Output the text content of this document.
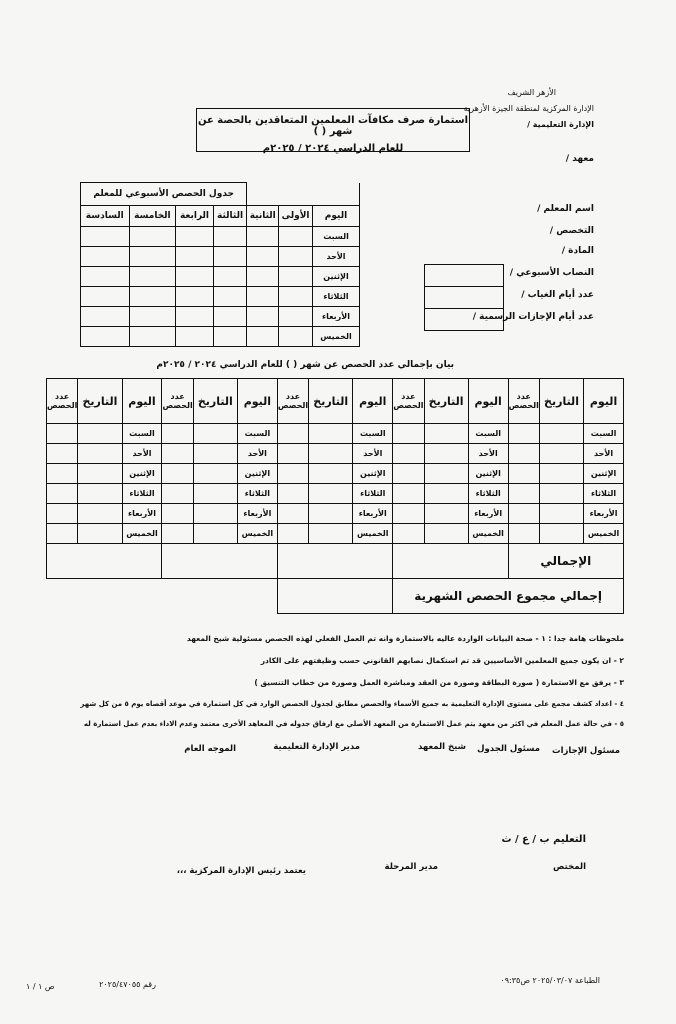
الأزهر الشريف
الإدارة المركزية لمنطقة الجيزة الأزهرية
الإدارة التعليمية /
معهد /
استمارة صرف مكافآت المعلمين المتعاقدين بالحصة عن شهر ( )
للعام الدراسي ٢٠٢٤ / ٢٠٢٥م
			جدول الحصص الأسبوعي للمعلم			
اليوم	الأولى	الثانية	الثالثة	الرابعة	الخامسة	السادسة
السبت						
الأحد						
الإثنين						
الثلاثاء						
الأربعاء						
الخميس						
اسم المعلم /
التخصص /
المادة /
النصاب الأسبوعي /
عدد أيام الغياب /
عدد أيام الإجازات الرسمية /
بيان بإجمالي عدد الحصص عن شهر ( ) للعام الدراسي ٢٠٢٤ / ٢٠٢٥م
اليوم	التاريخ	عدد الحصص	اليوم	التاريخ	عدد الحصص	اليوم	التاريخ	عدد الحصص	اليوم	التاريخ	عدد الحصص	اليوم	التاريخ	عدد الحصص
السبت			السبت			السبت			السبت			السبت		
الأحد			الأحد			الأحد			الأحد			الأحد		
الإثنين			الإثنين			الإثنين			الإثنين			الإثنين		
الثلاثاء			الثلاثاء			الثلاثاء			الثلاثاء			الثلاثاء		
الأربعاء			الأربعاء			الأربعاء			الأربعاء			الأربعاء		
الخميس			الخميس			الخميس			الخميس			الخميس		
الإجمالي														
إجمالي مجموع الحصص الشهرية														
ملحوظات هامة جدا : ١ - صحة البيانات الواردة عاليه بالاستمارة وانه تم العمل الفعلي لهذه الحصص مسئولية شيخ المعهد
٢ - ان يكون جميع المعلمين الأساسيين قد تم استكمال نصابهم القانوني حسب وظيفتهم على الكادر
٣ - يرفق مع الاستمارة ( صورة البطاقة وصورة من العقد ومباشرة العمل وصورة من خطاب التنسيق )
٤ - اعداد كشف مجمع على مستوى الإدارة التعليمية به جميع الأسماء والحصص مطابق لجدول الحصص الوارد في كل استمارة في موعد أقصاه يوم ٥ من كل شهر
٥ - في حالة عمل المعلم في اكثر من معهد يتم عمل الاستمارة من المعهد الأصلي مع ارفاق جدوله في المعاهد الأخرى معتمد وعدم الاداء بعدم عمل استمارة له
مسئول الإجازات
مسئول الجدول
شيخ المعهد
مدير الإدارة التعليمية
الموجه العام
التعليم ب / ع / ث
المختص
مدير المرحلة
يعتمد رئيس الإدارة المركزية ،،،
الطباعة ٢٠٢٥/٠٣/٠٧ ص٠٩:٣٥
رقم ٢٠٢٥/٤٧٠٥٥
ص ١ / ١
